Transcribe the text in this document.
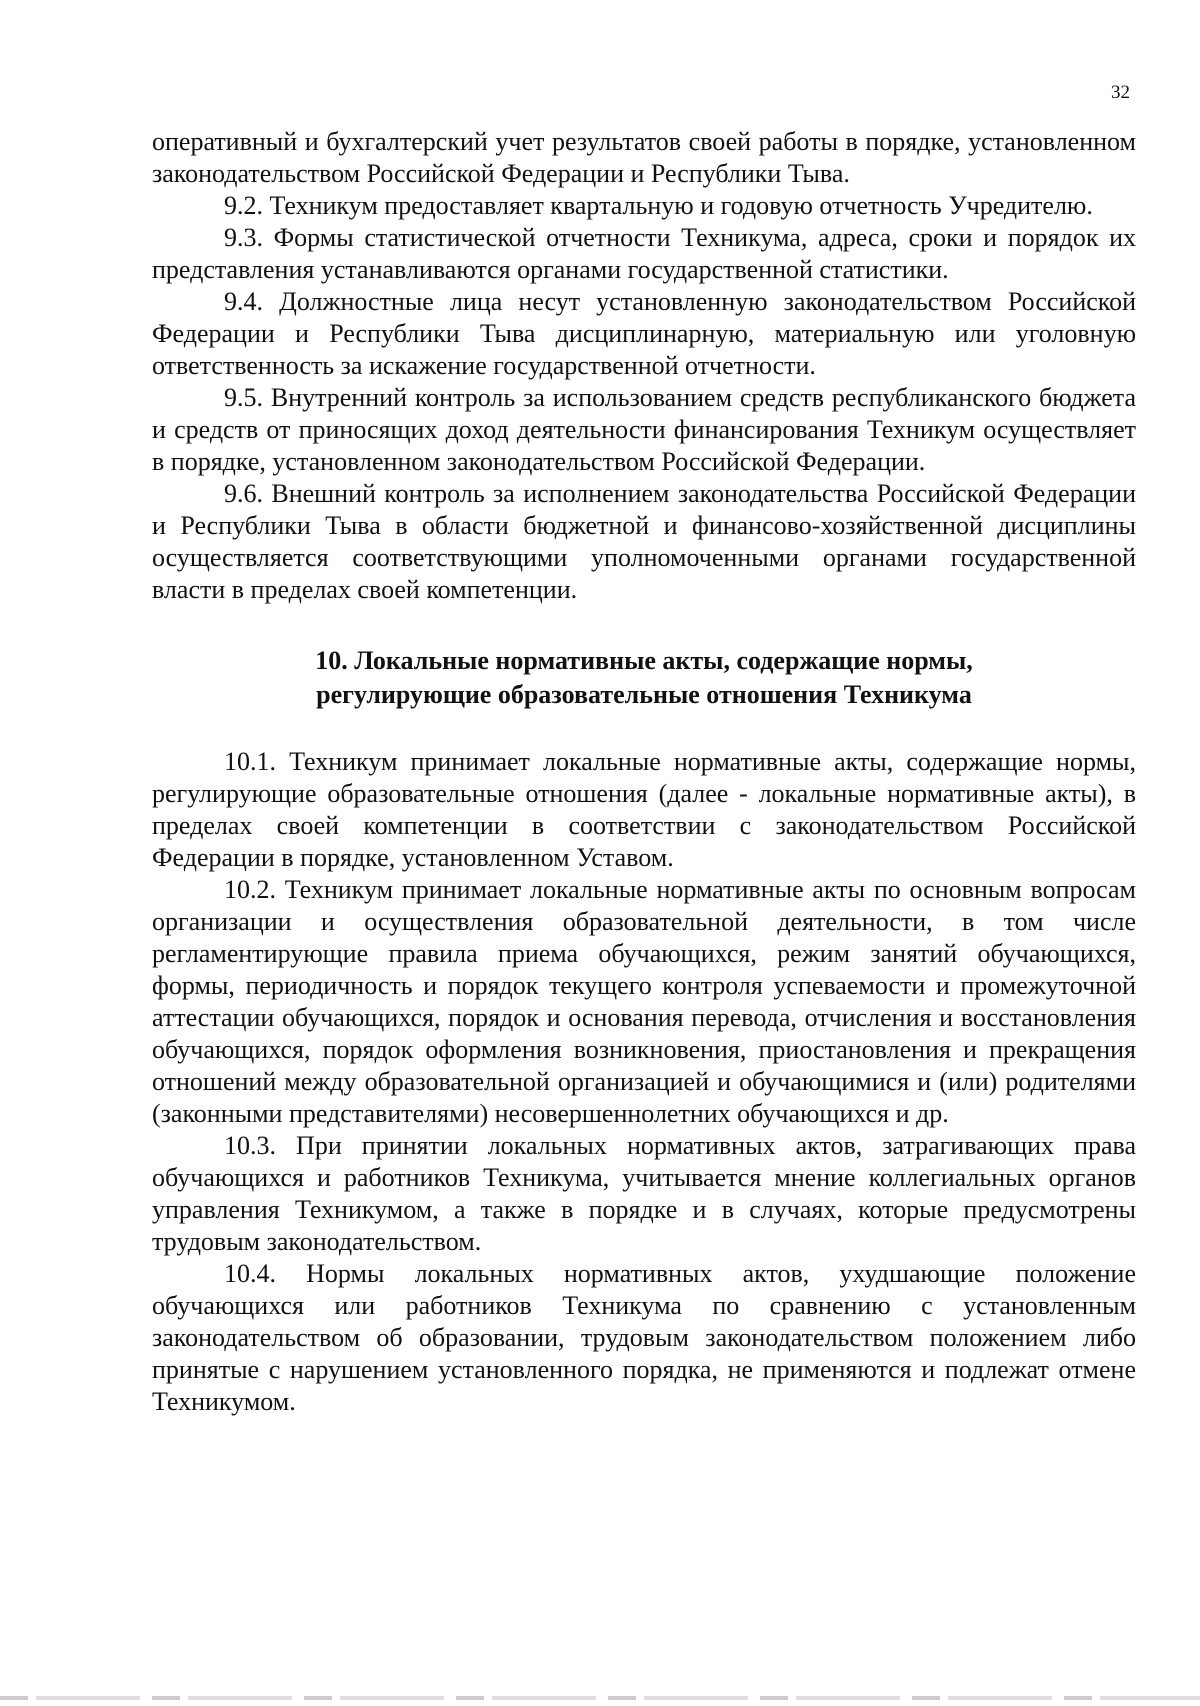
32

оперативный и бухгалтерский учет результатов своей работы в порядке, установленном законодательством Российской Федерации и Республики Тыва.

9.2. Техникум предоставляет квартальную и годовую отчетность Учредителю.

9.3. Формы статистической отчетности Техникума, адреса, сроки и порядок их представления устанавливаются органами государственной статистики.

9.4. Должностные лица несут установленную законодательством Российской Федерации и Республики Тыва дисциплинарную, материальную или уголовную ответственность за искажение государственной отчетности.

9.5. Внутренний контроль за использованием средств республиканского бюджета и средств от приносящих доход деятельности финансирования Техникум осуществляет в порядке, установленном законодательством Российской Федерации.

9.6. Внешний контроль за исполнением законодательства Российской Федерации и Республики Тыва в области бюджетной и финансово-хозяйственной дисциплины осуществляется соответствующими уполномоченными органами государственной власти в пределах своей компетенции.

10. Локальные нормативные акты, содержащие нормы,
регулирующие образовательные отношения Техникума

10.1. Техникум принимает локальные нормативные акты, содержащие нормы, регулирующие образовательные отношения (далее - локальные нормативные акты), в пределах своей компетенции в соответствии с законодательством Российской Федерации в порядке, установленном Уставом.

10.2. Техникум принимает локальные нормативные акты по основным вопросам организации и осуществления образовательной деятельности, в том числе регламентирующие правила приема обучающихся, режим занятий обучающихся, формы, периодичность и порядок текущего контроля успеваемости и промежуточной аттестации обучающихся, порядок и основания перевода, отчисления и восстановления обучающихся, порядок оформления возникновения, приостановления и прекращения отношений между образовательной организацией и обучающимися и (или) родителями (законными представителями) несовершеннолетних обучающихся и др.

10.3. При принятии локальных нормативных актов, затрагивающих права обучающихся и работников Техникума, учитывается мнение коллегиальных органов управления Техникумом, а также в порядке и в случаях, которые предусмотрены трудовым законодательством.

10.4. Нормы локальных нормативных актов, ухудшающие положение обучающихся или работников Техникума по сравнению с установленным законодательством об образовании, трудовым законодательством положением либо принятые с нарушением установленного порядка, не применяются и подлежат отмене Техникумом.
